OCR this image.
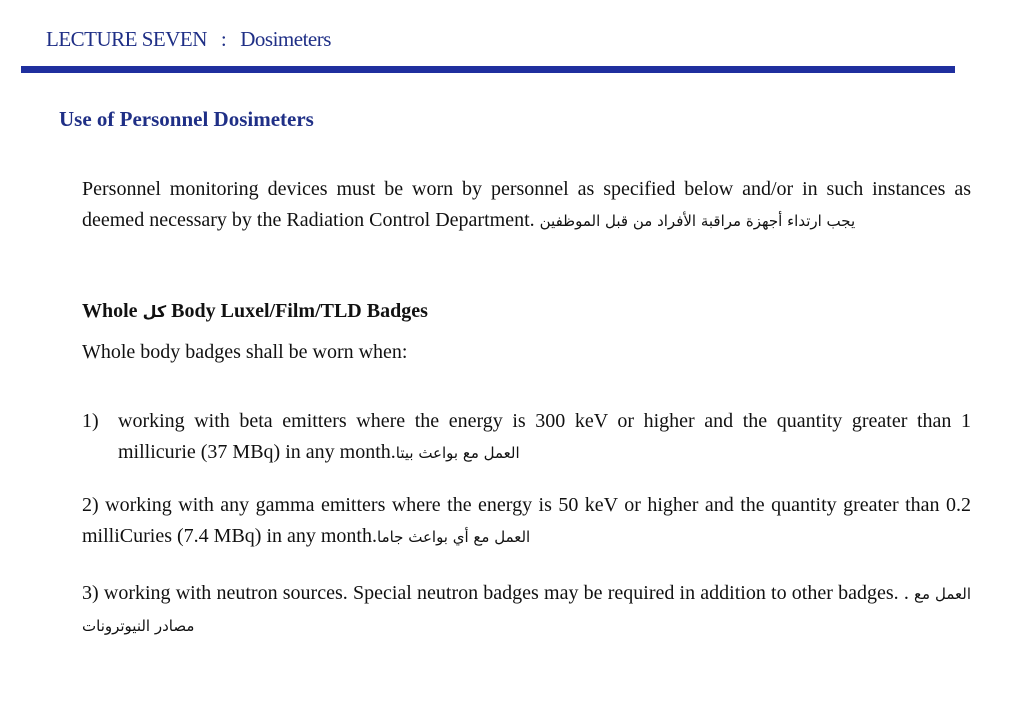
LECTURE SEVEN : Dosimeters
Use of Personnel Dosimeters
Personnel monitoring devices must be worn by personnel as specified below and/or in such instances as deemed necessary by the Radiation Control Department. يجب ارتداء أجهزة مراقبة الأفراد من قبل الموظفين
Whole كل Body Luxel/Film/TLD Badges
Whole body badges shall be worn when:
1) working with beta emitters where the energy is 300 keV or higher and the quantity greater than 1 millicurie (37 MBq) in any month.العمل مع بواعث بيتا
2) working with any gamma emitters where the energy is 50 keV or higher and the quantity greater than 0.2 milliCuries (7.4 MBq) in any month.العمل مع أي بواعث جاما
3) working with neutron sources. Special neutron badges may be required in addition to other badges. . العمل مع مصادر النيوترونات
